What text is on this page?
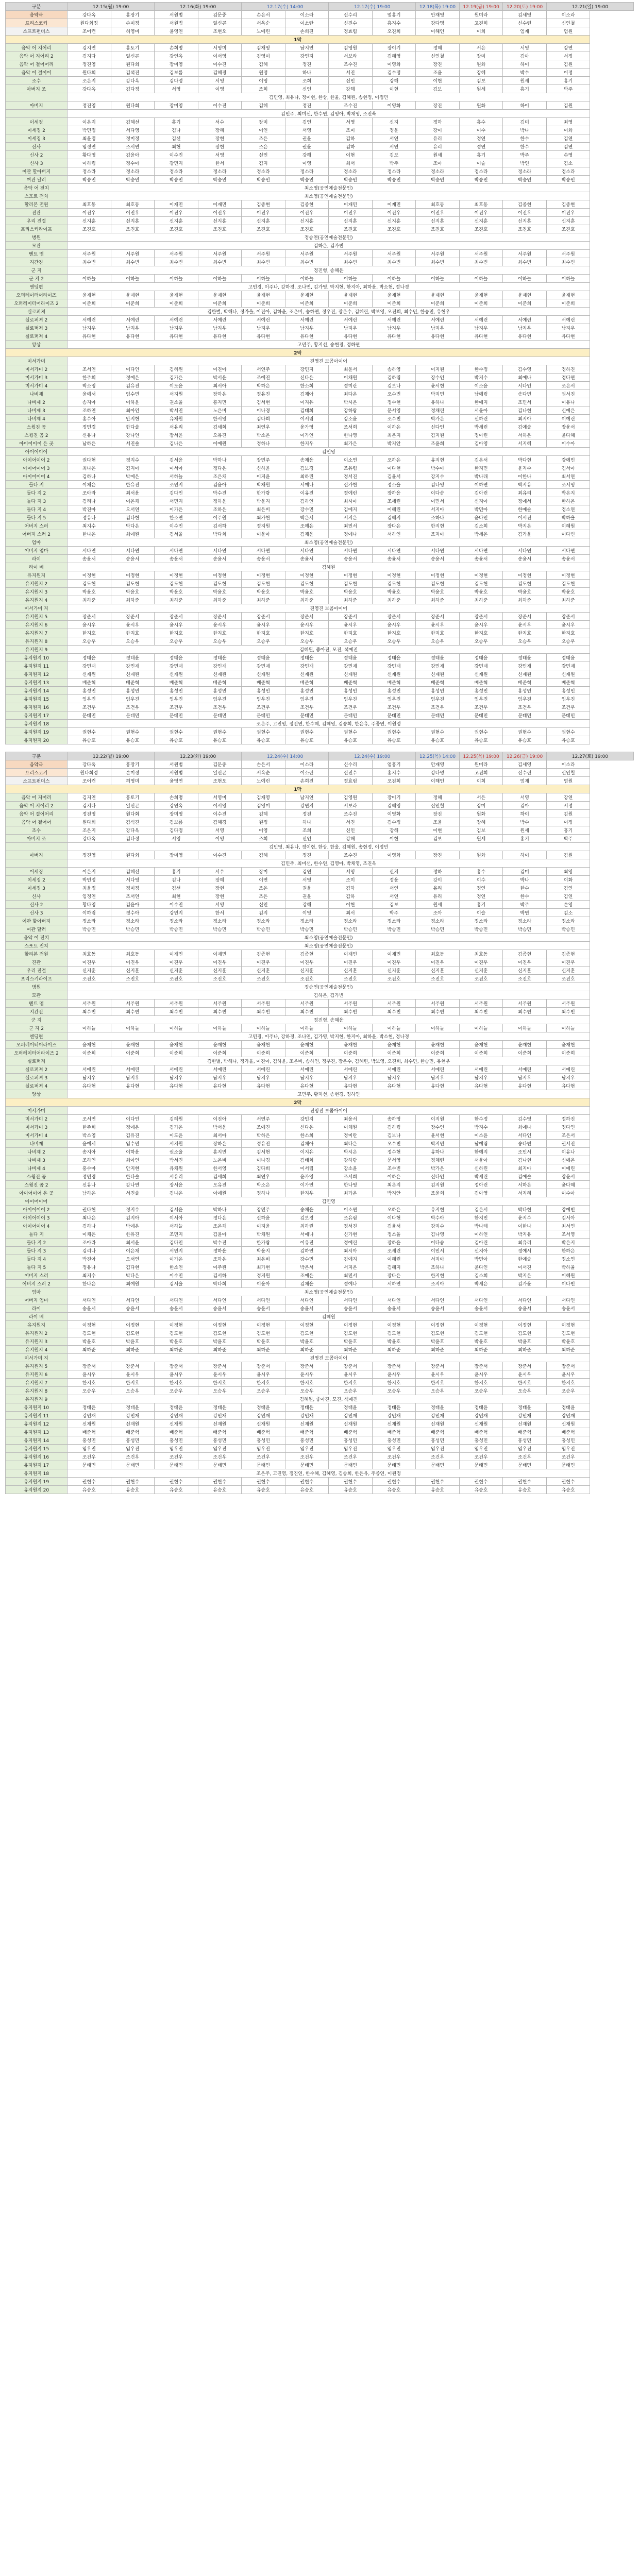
구분	12.15(월) 19:00		12.16(화) 19:00		12.17(수) 14:00		12.17(수) 19:00		12.18(목) 19:00	12.19(금) 19:00	12.20(토) 19:00	12.21(일) 19:00
음악극	강다옥	홍장기	서원범	김문중	손은서	이소라	신수리	엄홍기	안재영	원미라	김세영	이소라
프리스코키	원다회정	손미정	서원범	일신곤	서옥순	이소란	신진수	홍지수	강다명	고진희	신수린	신인철
소프트펀더스	조어컨	허영미	윤영연	조현오	노예린	손희진	정효림	오진희	이해인	이희	엄재	엄원
1막												
음악 어 지어리	김지연	흥토기	손희명	서영미	김재영	남지연	김영원	장이기	정혜	서은	서영	강연
음악 어 지어리 2	김지다	일신곤	강연옥	이서영	김영미	강연지	서보라	김혜영	신인철	장미	김아	서정
음악 어 결어어리	정진영	원다회	장미영	이수진	김혜	정진	조수진	이영화	장진	원화	하이	김원
음악 어 결어어	원다회	김석진	김보름	김혜경	원정	하나	서진	김수정	조윤	장혜	박수	이정
조수	조은지	강다옥	김다정	서영	이영	조희	신인	강해	이현	김보	원세	홍기
아버지 조	강다옥	김다정	서영	이영	조희	신인	강해	이현	김보	원세	홍기	박주
	김민영, 최유나, 정이현, 한상, 한울, 김혜원, 송현정, 이정민											
아버지	정진영	원다회	장미영	이수진	김혜	정진	조수진	이영화	장진	원화	하이	김원
	김민주, 최미선, 한수연, 김영아, 박채영, 조진욱											
이세징	이은지	김혜선	홍기	서수	장미	김연	서영	신지	정하	홍수	김미	최영
이세징 2	박민정	서다영	김나	장혜	이연	서영	조미	정윤	강이	이수	박나	이화
이세징 3	최윤정	정미정	김선	장현	조은	권윤	김하	서연	유리	정연	한수	김연
신사	임정연	조서연	최현	장현	조은	권윤	김하	서연	유리	정연	한수	김연
신사 2	황다영	김윤아	이수진	서영	신인	강해	이현	김보	원세	홍기	박주	손영
신사 3	이하림	정수아	강민지	한서	김지	이영	최서	박주	조아	이슬	박연	김소
여관 할아버지	정소라	정소라	정소라	정소라	정소라	정소라	정소라	정소라	정소라	정소라	정소라	정소라
여관 달러	박승민	박승민	박승민	박승민	박승민	박승민	박승민	박승민	박승민	박승민	박승민	박승민
음악 어 전치	최소영(공연예술전문인)											
스포트 전치	최소영(공연예술전문인)											
할리본 전원	최호동	최호동	이재민	이재민	김종현	김종현	이재민	이재민	최호동	최호동	김종현	김종현
진관	이진우	이진우	이진우	이진우	이진우	이진우	이진우	이진우	이진우	이진우	이진우	이진우
우리 진결	신지훈	신지훈	신지훈	신지훈	신지훈	신지훈	신지훈	신지훈	신지훈	신지훈	신지훈	신지훈
프리스키라이프	조진호	조진호	조진호	조진호	조진호	조진호	조진호	조진호	조진호	조진호	조진호	조진호
병원	정승연(공연예술전문인)											
모관	김하은, 김가빈											
멘트 멤	서주원	서주원	서주원	서주원	서주원	서주원	서주원	서주원	서주원	서주원	서주원	서주원
지간진	최수빈	최수빈	최수빈	최수빈	최수빈	최수빈	최수빈	최수빈	최수빈	최수빈	최수빈	최수빈
군 지	정진형, 송혜윤											
군 지 2	이하늘	이하늘	이하늘	이하늘	이하늘	이하늘	이하늘	이하늘	이하늘	이하늘	이하늘	이하늘
엔딩편	고민경, 이주나, 강하경, 조나연, 김가영, 박지현, 한지아, 최하윤, 박소현, 정나경											
오퍼레이터어라이즈	윤재현	윤재현	윤재현	윤재현	윤재현	윤재현	윤재현	윤재현	윤재현	윤재현	윤재현	윤재현
오퍼레이터어라이즈 2	이준희	이준희	이준희	이준희	이준희	이준희	이준희	이준희	이준희	이준희	이준희	이준희
실로퍼져	김한별, 박해나, 정가을, 이진아, 김하윤, 조은비, 송하연, 정우진, 장은수, 김혜린, 박보영, 오진희, 최수민, 한승민, 유현우											
실로퍼져 2	서예린	서예린	서예린	서예린	서예린	서예린	서예린	서예린	서예린	서예린	서예린	서예린
실로퍼져 3	남지우	남지우	남지우	남지우	남지우	남지우	남지우	남지우	남지우	남지우	남지우	남지우
실로퍼져 4	유다현	유다현	유다현	유다현	유다현	유다현	유다현	유다현	유다현	유다현	유다현	유다현
앙상	고민주, 황지선, 송현경, 정하연											
2막												
미서가미	진영진 보콤아이어											
미서가미 2	조서연	이다인	김혜원	이진아	서연주	강민지	최윤서	송하영	이지원	한수정	김수영	정하진
미서가미 3	한주희	정예은	김가은	박서윤	조예진	신다은	이채원	김하림	장수인	박지수	최예나	정다연
미서가미 4	박소영	김유진	이도윤	최서아	박하은	한소희	정미란	김보나	윤서현	이소윤	서다인	조은서
나비제	윤예서	임수민	서지원	장하은	정유진	김채아	최다은	오수빈	박지민	남예림	송다빈	권서진
나비제 2	송지아	이하윤	권소율	홍지민	김서현	이지유	박시은	정수현	유하나	한예지	조민서	이유나
나비제 3	조하연	최아인	박서진	노은비	이나경	김태희	강하람	문서영	정채린	서윤아	김나현	신예은
나비제 4	홍수아	안지현	유채원	한서영	김다희	이서림	강소윤	조수빈	박가은	신하린	최지아	이예린
스윙진 곰	정민경	한다솔	서유리	김세희	최연우	윤가영	조서희	이하은	신다인	박세린	김예솔	장윤서
스윙진 곰 2	신유나	강나연	장서윤	오유진	박소은	이가연	한나영	최은지	김지원	정아린	서하은	윤다혜
아이어이어 은 곳	남하은	서진솔	김나은	이예원	정하나	한지우	최가은	박지안	조윤희	김아영	서지혜	이수아
아이어이어	김민영											
아이어이어 2	권다현	정지수	김서윤	박하나	장민주	송채윤	이소연	오하은	유지현	김은서	박다현	강예빈
아이어이어 3	최나은	김지아	이서아	정다은	신하윤	김보경	조유림	이다현	박수아	한지민	윤지수	김서아
아이어이어 4	김하나	박예은	서하늘	조은채	이지윤	최하린	정서진	김윤서	강지수	박나래	이한나	최서연
들다 지	이채은	한유진	조민지	김윤아	박채원	서예나	신가현	정소율	김나영	이하연	박지유	조서영
들다 지 2	조아라	최서윤	김다인	박수진	한가람	이유진	정예린	장하윤	이다솜	김아린	최유리	박은지
들다 지 3	김리나	이은채	서민지	정하윤	박윤지	김하연	최시아	조세린	이민서	신지아	정예서	한하은
들다 지 4	박진아	오서연	이가은	조하은	최은비	강수민	김예지	이혜린	서지아	박민아	한예슬	정소연
들다 지 5	정유나	김다현	한소연	이주원	최가현	박은서	서지은	김혜지	조하나	윤다인	이서진	박하율
어버지 스러	최지수	박다은	이수민	김서하	정지원	조예은	최민서	장다은	한지현	김소희	박지은	이혜원
어버지 스러 2	한나은	최예원	김서율	박다희	이윤아	김채윤	정예나	서하연	조지아	박세은	김가윤	이다빈
엄마	최소영(공연예술전문인)											
어버지 엄마	서다연	서다연	서다연	서다연	서다연	서다연	서다연	서다연	서다연	서다연	서다연	서다연
라이	송윤서	송윤서	송윤서	송윤서	송윤서	송윤서	송윤서	송윤서	송윤서	송윤서	송윤서	송윤서
라이 베	김혜원											
유지원지	이정현	이정현	이정현	이정현	이정현	이정현	이정현	이정현	이정현	이정현	이정현	이정현
유지원지 2	김도현	김도현	김도현	김도현	김도현	김도현	김도현	김도현	김도현	김도현	김도현	김도현
유지원지 3	박윤호	박윤호	박윤호	박윤호	박윤호	박윤호	박윤호	박윤호	박윤호	박윤호	박윤호	박윤호
유지원지 4	최하준	최하준	최하준	최하준	최하준	최하준	최하준	최하준	최하준	최하준	최하준	최하준
미서가미 지	진영진 보콤아이어											
유지원지 5	장준서	장준서	장준서	장준서	장준서	장준서	장준서	장준서	장준서	장준서	장준서	장준서
유지원지 6	윤시우	윤시우	윤시우	윤시우	윤시우	윤시우	윤시우	윤시우	윤시우	윤시우	윤시우	윤시우
유지원지 7	한지호	한지호	한지호	한지호	한지호	한지호	한지호	한지호	한지호	한지호	한지호	한지호
유지원지 8	오승우	오승우	오승우	오승우	오승우	오승우	오승우	오승우	오승우	오승우	오승우	오승우
유지원지 9	김혜원, 좋아진, 모진, 석예진											
유지원지 10	정태윤	정태윤	정태윤	정태윤	정태윤	정태윤	정태윤	정태윤	정태윤	정태윤	정태윤	정태윤
유지원지 11	강민재	강민재	강민재	강민재	강민재	강민재	강민재	강민재	강민재	강민재	강민재	강민재
유지원지 12	신재원	신재원	신재원	신재원	신재원	신재원	신재원	신재원	신재원	신재원	신재원	신재원
유지원지 13	배준혁	배준혁	배준혁	배준혁	배준혁	배준혁	배준혁	배준혁	배준혁	배준혁	배준혁	배준혁
유지원지 14	홍성민	홍성민	홍성민	홍성민	홍성민	홍성민	홍성민	홍성민	홍성민	홍성민	홍성민	홍성민
유지원지 15	임우진	임우진	임우진	임우진	임우진	임우진	임우진	임우진	임우진	임우진	임우진	임우진
유지원지 16	조건우	조건우	조건우	조건우	조건우	조건우	조건우	조건우	조건우	조건우	조건우	조건우
유지원지 17	문태민	문태민	문태민	문태민	문태민	문태민	문태민	문태민	문태민	문태민	문태민	문태민
유지원지 18	조은주, 고진영, 정진연, 한수혜, 김혜영, 김송희, 한은유, 주종연, 이원정											
유지원지 19	권현수	권현수	권현수	권현수	권현수	권현수	권현수	권현수	권현수	권현수	권현수	권현수
유지원지 20	유승호	유승호	유승호	유승호	유승호	유승호	유승호	유승호	유승호	유승호	유승호	유승호
구분	12.22(월) 19:00		12.23(화) 19:00		12.24(수) 14:00		12.24(수) 19:00		12.25(목) 14:00	12.25(목) 19:00	12.26(금) 19:00	12.27(토) 19:00
음악극	강다옥	홍장기	서원범	김문중	손은서	이소라	신수리	엄홍기	안재영	원미라	김세영	이소라
프리스코키	원다회정	손미정	서원범	일신곤	서옥순	이소란	신진수	홍지수	강다명	고진희	신수린	신인철
소프트펀더스	조어컨	허영미	윤영연	조현오	노예린	손희진	정효림	오진희	이해인	이희	엄재	엄원
1막												
음악 어 지어리	김지연	흥토기	손희명	서영미	김재영	남지연	김영원	장이기	정혜	서은	서영	강연
음악 어 지어리 2	김지다	일신곤	강연옥	이서영	김영미	강연지	서보라	김혜영	신인철	장미	김아	서정
음악 어 결어어리	정진영	원다회	장미영	이수진	김혜	정진	조수진	이영화	장진	원화	하이	김원
음악 어 결어어	원다회	김석진	김보름	김혜경	원정	하나	서진	김수정	조윤	장혜	박수	이정
조수	조은지	강다옥	김다정	서영	이영	조희	신인	강해	이현	김보	원세	홍기
아버지 조	강다옥	김다정	서영	이영	조희	신인	강해	이현	김보	원세	홍기	박주
	김민영, 최유나, 정이현, 한상, 한울, 김혜원, 송현정, 이정민											
아버지	정진영	원다회	장미영	이수진	김혜	정진	조수진	이영화	장진	원화	하이	김원
	김민주, 최미선, 한수연, 김영아, 박채영, 조진욱											
이세징	이은지	김혜선	홍기	서수	장미	김연	서영	신지	정하	홍수	김미	최영
이세징 2	박민정	서다영	김나	장혜	이연	서영	조미	정윤	강이	이수	박나	이화
이세징 3	최윤정	정미정	김선	장현	조은	권윤	김하	서연	유리	정연	한수	김연
신사	임정연	조서연	최현	장현	조은	권윤	김하	서연	유리	정연	한수	김연
신사 2	황다영	김윤아	이수진	서영	신인	강해	이현	김보	원세	홍기	박주	손영
신사 3	이하림	정수아	강민지	한서	김지	이영	최서	박주	조아	이슬	박연	김소
여관 할아버지	정소라	정소라	정소라	정소라	정소라	정소라	정소라	정소라	정소라	정소라	정소라	정소라
여관 달러	박승민	박승민	박승민	박승민	박승민	박승민	박승민	박승민	박승민	박승민	박승민	박승민
음악 어 전치	최소영(공연예술전문인)											
스포트 전치	최소영(공연예술전문인)											
할리본 전원	최호동	최호동	이재민	이재민	김종현	김종현	이재민	이재민	최호동	최호동	김종현	김종현
진관	이진우	이진우	이진우	이진우	이진우	이진우	이진우	이진우	이진우	이진우	이진우	이진우
우리 진결	신지훈	신지훈	신지훈	신지훈	신지훈	신지훈	신지훈	신지훈	신지훈	신지훈	신지훈	신지훈
프리스키라이프	조진호	조진호	조진호	조진호	조진호	조진호	조진호	조진호	조진호	조진호	조진호	조진호
병원	정승연(공연예술전문인)											
모관	김하은, 김가빈											
멘트 멤	서주원	서주원	서주원	서주원	서주원	서주원	서주원	서주원	서주원	서주원	서주원	서주원
지간진	최수빈	최수빈	최수빈	최수빈	최수빈	최수빈	최수빈	최수빈	최수빈	최수빈	최수빈	최수빈
군 지	정진형, 송혜윤											
군 지 2	이하늘	이하늘	이하늘	이하늘	이하늘	이하늘	이하늘	이하늘	이하늘	이하늘	이하늘	이하늘
엔딩편	고민경, 이주나, 강하경, 조나연, 김가영, 박지현, 한지아, 최하윤, 박소현, 정나경											
오퍼레이터어라이즈	윤재현	윤재현	윤재현	윤재현	윤재현	윤재현	윤재현	윤재현	윤재현	윤재현	윤재현	윤재현
오퍼레이터어라이즈 2	이준희	이준희	이준희	이준희	이준희	이준희	이준희	이준희	이준희	이준희	이준희	이준희
실로퍼져	김한별, 박해나, 정가을, 이진아, 김하윤, 조은비, 송하연, 정우진, 장은수, 김혜린, 박보영, 오진희, 최수민, 한승민, 유현우											
실로퍼져 2	서예린	서예린	서예린	서예린	서예린	서예린	서예린	서예린	서예린	서예린	서예린	서예린
실로퍼져 3	남지우	남지우	남지우	남지우	남지우	남지우	남지우	남지우	남지우	남지우	남지우	남지우
실로퍼져 4	유다현	유다현	유다현	유다현	유다현	유다현	유다현	유다현	유다현	유다현	유다현	유다현
앙상	고민주, 황지선, 송현경, 정하연											
2막												
미서가미	진영진 보콤아이어											
미서가미 2	조서연	이다인	김혜원	이진아	서연주	강민지	최윤서	송하영	이지원	한수정	김수영	정하진
미서가미 3	한주희	정예은	김가은	박서윤	조예진	신다은	이채원	김하림	장수인	박지수	최예나	정다연
미서가미 4	박소영	김유진	이도윤	최서아	박하은	한소희	정미란	김보나	윤서현	이소윤	서다인	조은서
나비제	윤예서	임수민	서지원	장하은	정유진	김채아	최다은	오수빈	박지민	남예림	송다빈	권서진
나비제 2	송지아	이하윤	권소율	홍지민	김서현	이지유	박시은	정수현	유하나	한예지	조민서	이유나
나비제 3	조하연	최아인	박서진	노은비	이나경	김태희	강하람	문서영	정채린	서윤아	김나현	신예은
나비제 4	홍수아	안지현	유채원	한서영	김다희	이서림	강소윤	조수빈	박가은	신하린	최지아	이예린
스윙진 곰	정민경	한다솔	서유리	김세희	최연우	윤가영	조서희	이하은	신다인	박세린	김예솔	장윤서
스윙진 곰 2	신유나	강나연	장서윤	오유진	박소은	이가연	한나영	최은지	김지원	정아린	서하은	윤다혜
아이어이어 은 곳	남하은	서진솔	김나은	이예원	정하나	한지우	최가은	박지안	조윤희	김아영	서지혜	이수아
아이어이어	김민영											
아이어이어 2	권다현	정지수	김서윤	박하나	장민주	송채윤	이소연	오하은	유지현	김은서	박다현	강예빈
아이어이어 3	최나은	김지아	이서아	정다은	신하윤	김보경	조유림	이다현	박수아	한지민	윤지수	김서아
아이어이어 4	김하나	박예은	서하늘	조은채	이지윤	최하린	정서진	김윤서	강지수	박나래	이한나	최서연
들다 지	이채은	한유진	조민지	김윤아	박채원	서예나	신가현	정소율	김나영	이하연	박지유	조서영
들다 지 2	조아라	최서윤	김다인	박수진	한가람	이유진	정예린	장하윤	이다솜	김아린	최유리	박은지
들다 지 3	김리나	이은채	서민지	정하윤	박윤지	김하연	최시아	조세린	이민서	신지아	정예서	한하은
들다 지 4	박진아	오서연	이가은	조하은	최은비	강수민	김예지	이혜린	서지아	박민아	한예슬	정소연
들다 지 5	정유나	김다현	한소연	이주원	최가현	박은서	서지은	김혜지	조하나	윤다인	이서진	박하율
어버지 스러	최지수	박다은	이수민	김서하	정지원	조예은	최민서	장다은	한지현	김소희	박지은	이혜원
어버지 스러 2	한나은	최예원	김서율	박다희	이윤아	김채윤	정예나	서하연	조지아	박세은	김가윤	이다빈
엄마	최소영(공연예술전문인)											
어버지 엄마	서다연	서다연	서다연	서다연	서다연	서다연	서다연	서다연	서다연	서다연	서다연	서다연
라이	송윤서	송윤서	송윤서	송윤서	송윤서	송윤서	송윤서	송윤서	송윤서	송윤서	송윤서	송윤서
라이 베	김혜원											
유지원지	이정현	이정현	이정현	이정현	이정현	이정현	이정현	이정현	이정현	이정현	이정현	이정현
유지원지 2	김도현	김도현	김도현	김도현	김도현	김도현	김도현	김도현	김도현	김도현	김도현	김도현
유지원지 3	박윤호	박윤호	박윤호	박윤호	박윤호	박윤호	박윤호	박윤호	박윤호	박윤호	박윤호	박윤호
유지원지 4	최하준	최하준	최하준	최하준	최하준	최하준	최하준	최하준	최하준	최하준	최하준	최하준
미서가미 지	진영진 보콤아이어											
유지원지 5	장준서	장준서	장준서	장준서	장준서	장준서	장준서	장준서	장준서	장준서	장준서	장준서
유지원지 6	윤시우	윤시우	윤시우	윤시우	윤시우	윤시우	윤시우	윤시우	윤시우	윤시우	윤시우	윤시우
유지원지 7	한지호	한지호	한지호	한지호	한지호	한지호	한지호	한지호	한지호	한지호	한지호	한지호
유지원지 8	오승우	오승우	오승우	오승우	오승우	오승우	오승우	오승우	오승우	오승우	오승우	오승우
유지원지 9	김혜원, 좋아진, 모진, 석예진											
유지원지 10	정태윤	정태윤	정태윤	정태윤	정태윤	정태윤	정태윤	정태윤	정태윤	정태윤	정태윤	정태윤
유지원지 11	강민재	강민재	강민재	강민재	강민재	강민재	강민재	강민재	강민재	강민재	강민재	강민재
유지원지 12	신재원	신재원	신재원	신재원	신재원	신재원	신재원	신재원	신재원	신재원	신재원	신재원
유지원지 13	배준혁	배준혁	배준혁	배준혁	배준혁	배준혁	배준혁	배준혁	배준혁	배준혁	배준혁	배준혁
유지원지 14	홍성민	홍성민	홍성민	홍성민	홍성민	홍성민	홍성민	홍성민	홍성민	홍성민	홍성민	홍성민
유지원지 15	임우진	임우진	임우진	임우진	임우진	임우진	임우진	임우진	임우진	임우진	임우진	임우진
유지원지 16	조건우	조건우	조건우	조건우	조건우	조건우	조건우	조건우	조건우	조건우	조건우	조건우
유지원지 17	문태민	문태민	문태민	문태민	문태민	문태민	문태민	문태민	문태민	문태민	문태민	문태민
유지원지 18	조은주, 고진영, 정진연, 한수혜, 김혜영, 김송희, 한은유, 주종연, 이원정											
유지원지 19	권현수	권현수	권현수	권현수	권현수	권현수	권현수	권현수	권현수	권현수	권현수	권현수
유지원지 20	유승호	유승호	유승호	유승호	유승호	유승호	유승호	유승호	유승호	유승호	유승호	유승호
